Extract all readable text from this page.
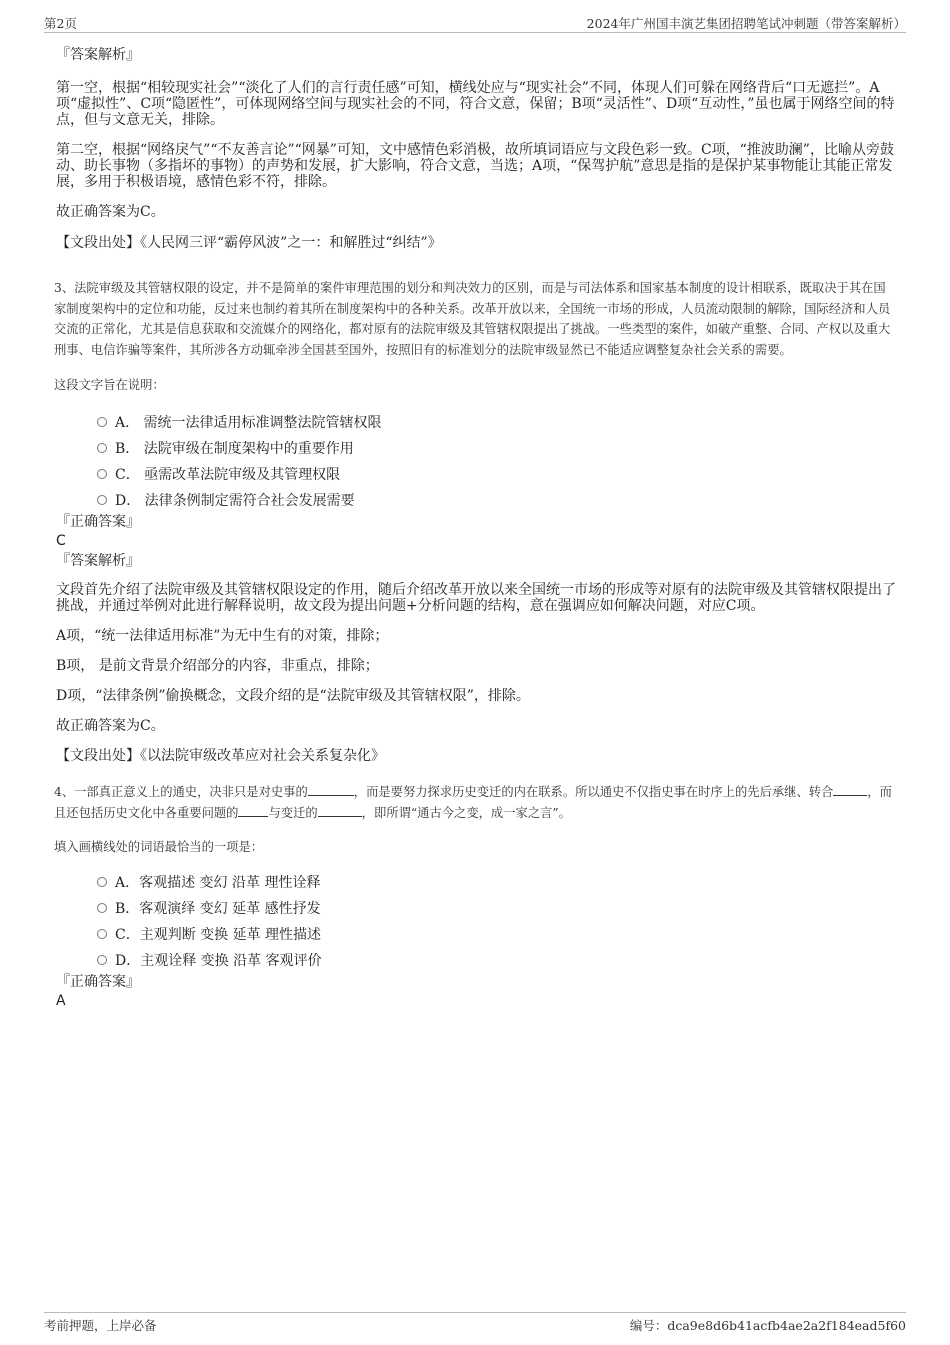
第2页	2024年广州国丰演艺集团招聘笔试冲刺题（带答案解析）
『答案解析』

第一空，根据“相较现实社会”“淡化了人们的言行责任感”可知，横线处应与“现实社会”不同，体现人们可躲在网络背后“口无遮拦”。A项“虚拟性”、C项“隐匿性”，可体现网络空间与现实社会的不同，符合文意，保留；B项“灵活性”、D项“互动性，”虽也属于网络空间的特点，但与文意无关，排除。

第二空，根据“网络戾气”“不友善言论”“网暴”可知，文中感情色彩消极，故所填词语应与文段色彩一致。C项，“推波助澜”，比喻从旁鼓动、助长事物（多指坏的事物）的声势和发展，扩大影响，符合文意，当选；A项，“保驾护航”意思是指的是保护某事物能让其能正常发展，多用于积极语境，感情色彩不符，排除。

故正确答案为C。
【文段出处】《人民网三评“霸停风波”之一：和解胜过“纠结”》

3、法院审级及其管辖权限的设定，并不是简单的案件审理范围的划分和判决效力的区别，而是与司法体系和国家基本制度的设计相联系，既取决于其在国家制度架构中的定位和功能，反过来也制约着其所在制度架构中的各种关系。改革开放以来，全国统一市场的形成，人员流动限制的解除，国际经济和人员交流的正常化，尤其是信息获取和交流媒介的网络化，都对原有的法院审级及其管辖权限提出了挑战。一些类型的案件，如破产重整、合同、产权以及重大刑事、电信诈骗等案件，其所涉各方动辄牵涉全国甚至国外，按照旧有的标准划分的法院审级显然已不能适应调整复杂社会关系的需要。

这段文字旨在说明：
A． 需统一法律适用标准调整法院管辖权限
B． 法院审级在制度架构中的重要作用
C． 亟需改革法院审级及其管理权限
D． 法律条例制定需符合社会发展需要
『正确答案』
C
『答案解析』

文段首先介绍了法院审级及其管辖权限设定的作用，随后介绍改革开放以来全国统一市场的形成等对原有的法院审级及其管辖权限提出了挑战，并通过举例对此进行解释说明，故文段为提出问题+分析问题的结构，意在强调应如何解决问题，对应C项。

A项，“统一法律适用标准”为无中生有的对策，排除；
B项， 是前文背景介绍部分的内容，非重点，排除；
D项，“法律条例”偷换概念，文段介绍的是“法院审级及其管辖权限”，排除。
故正确答案为C。
【文段出处】《以法院审级改革应对社会关系复杂化》

4、一部真正意义上的通史，决非只是对史事的	，而是要努力探求历史变迁的内在联系。所以通史不仅指史事在时序上的先后承继、转合	，而且还包括历史文化中各重要问题的 与变迁的	，即所谓“通古今之变，成一家之言”。

填入画横线处的词语最恰当的一项是：
A．客观描述 变幻 沿革 理性诠释
B．客观演绎 变幻 延革 感性抒发
C．主观判断 变换 延革 理性描述
D．主观诠释 变换 沿革 客观评价
『正确答案』
A
考前押题，上岸必备	编号：dca9e8d6b41acfb4ae2a2f184ead5f60
